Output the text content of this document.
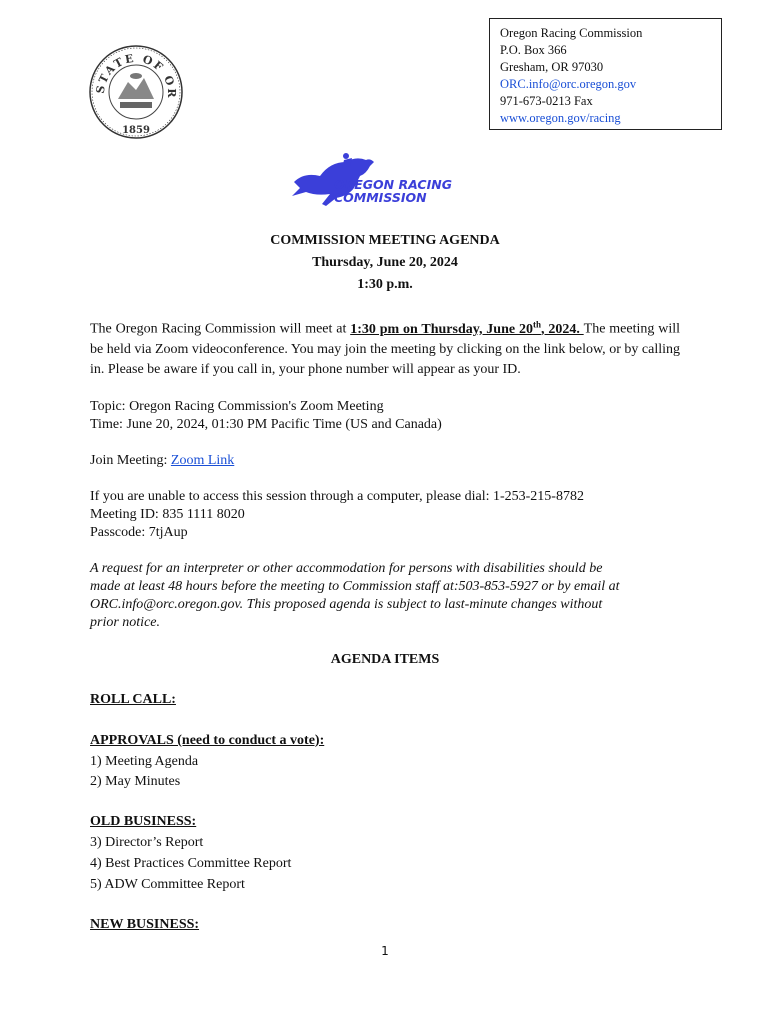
STATE OF OR
1859
Oregon Racing Commission
P.O. Box 366
Gresham, OR 97030
ORC.info@orc.oregon.gov
971-673-0213 Fax
www.oregon.gov/racing
OREGON RACING
COMMISSION
COMMISSION MEETING AGENDA
Thursday, June 20, 2024
1:30 p.m.
The Oregon Racing Commission will meet at 1:30 pm on Thursday, June 20th, 2024. The meeting will be held via Zoom videoconference. You may join the meeting by clicking on the link below, or by calling in. Please be aware if you call in, your phone number will appear as your ID.
Topic: Oregon Racing Commission's Zoom Meeting
Time: June 20, 2024, 01:30 PM Pacific Time (US and Canada)
Join Meeting: Zoom Link
If you are unable to access this session through a computer, please dial: 1-253-215-8782
Meeting ID: 835 1111 8020
Passcode: 7tjAup
A request for an interpreter or other accommodation for persons with disabilities should be
made at least 48 hours before the meeting to Commission staff at:503-853-5927 or by email at
ORC.info@orc.oregon.gov. This proposed agenda is subject to last-minute changes without
prior notice.
AGENDA ITEMS
ROLL CALL:
APPROVALS (need to conduct a vote):
1) Meeting Agenda
2) May Minutes
OLD BUSINESS:
3) Director’s Report
4) Best Practices Committee Report
5) ADW Committee Report
NEW BUSINESS:
1
